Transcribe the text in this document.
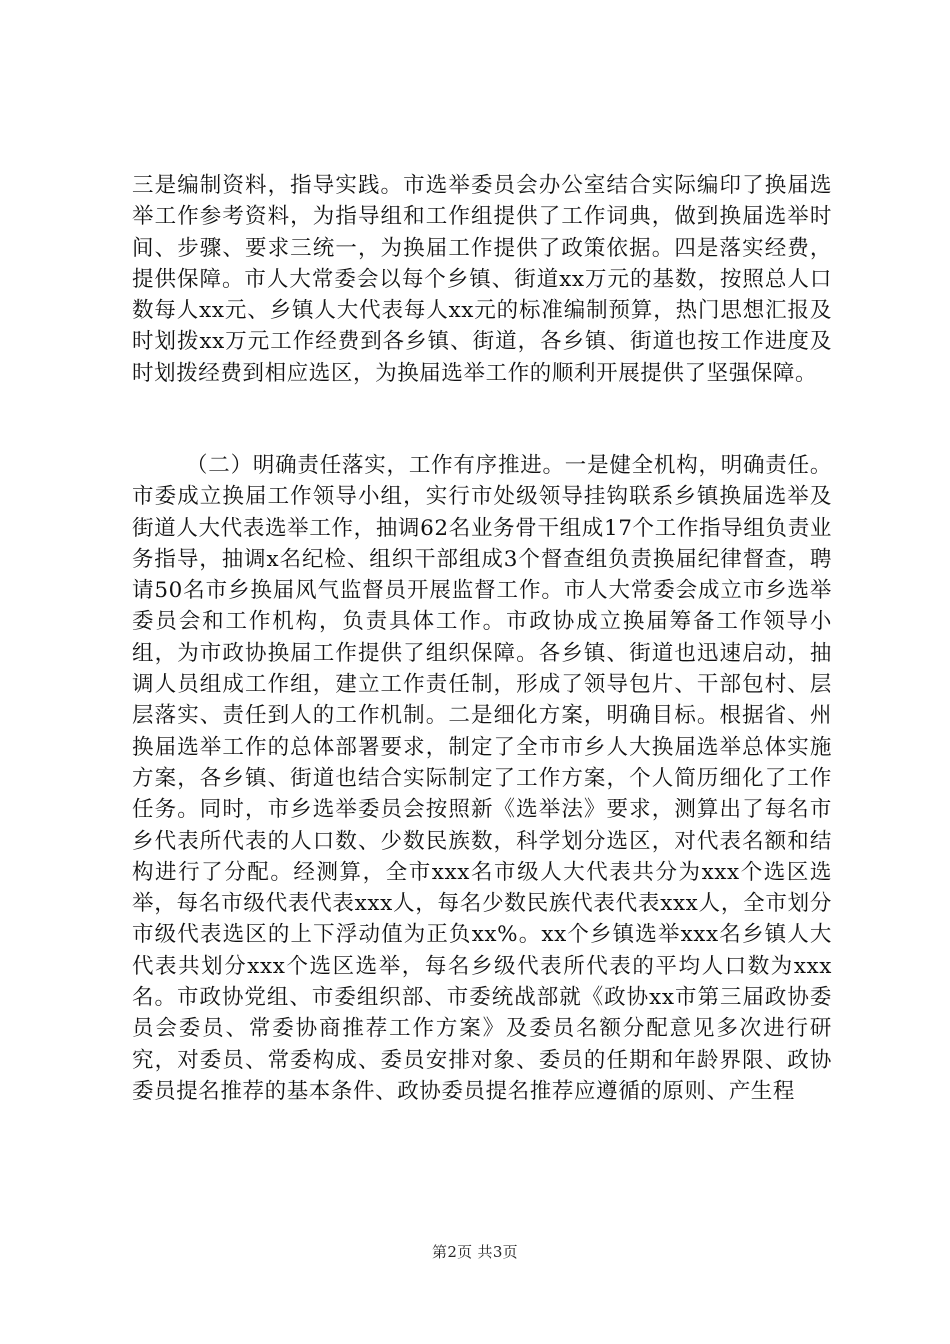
三是编制资料，指导实践。市选举委员会办公室结合实际编印了换届选举工作参考资料，为指导组和工作组提供了工作词典，做到换届选举时间、步骤、要求三统一，为换届工作提供了政策依据。四是落实经费，提供保障。市人大常委会以每个乡镇、街道xx万元的基数，按照总人口数每人xx元、乡镇人大代表每人xx元的标准编制预算，热门思想汇报及时划拨xx万元工作经费到各乡镇、街道，各乡镇、街道也按工作进度及时划拨经费到相应选区，为换届选举工作的顺利开展提供了坚强保障。

（二）明确责任落实，工作有序推进。一是健全机构，明确责任。市委成立换届工作领导小组，实行市处级领导挂钩联系乡镇换届选举及街道人大代表选举工作，抽调62名业务骨干组成17个工作指导组负责业务指导，抽调x名纪检、组织干部组成3个督查组负责换届纪律督查，聘请50名市乡换届风气监督员开展监督工作。市人大常委会成立市乡选举委员会和工作机构，负责具体工作。市政协成立换届筹备工作领导小组，为市政协换届工作提供了组织保障。各乡镇、街道也迅速启动，抽调人员组成工作组，建立工作责任制，形成了领导包片、干部包村、层层落实、责任到人的工作机制。二是细化方案，明确目标。根据省、州换届选举工作的总体部署要求，制定了全市市乡人大换届选举总体实施方案，各乡镇、街道也结合实际制定了工作方案，个人简历细化了工作任务。同时，市乡选举委员会按照新《选举法》要求，测算出了每名市乡代表所代表的人口数、少数民族数，科学划分选区，对代表名额和结构进行了分配。经测算，全市xxx名市级人大代表共分为xxx个选区选举，每名市级代表代表xxx人，每名少数民族代表代表xxx人，全市划分市级代表选区的上下浮动值为正负xx%。xx个乡镇选举xxx名乡镇人大代表共划分xxx个选区选举，每名乡级代表所代表的平均人口数为xxx名。市政协党组、市委组织部、市委统战部就《政协xx市第三届政协委员会委员、常委协商推荐工作方案》及委员名额分配意见多次进行研究，对委员、常委构成、委员安排对象、委员的任期和年龄界限、政协委员提名推荐的基本条件、政协委员提名推荐应遵循的原则、产生程

第2页 共3页
